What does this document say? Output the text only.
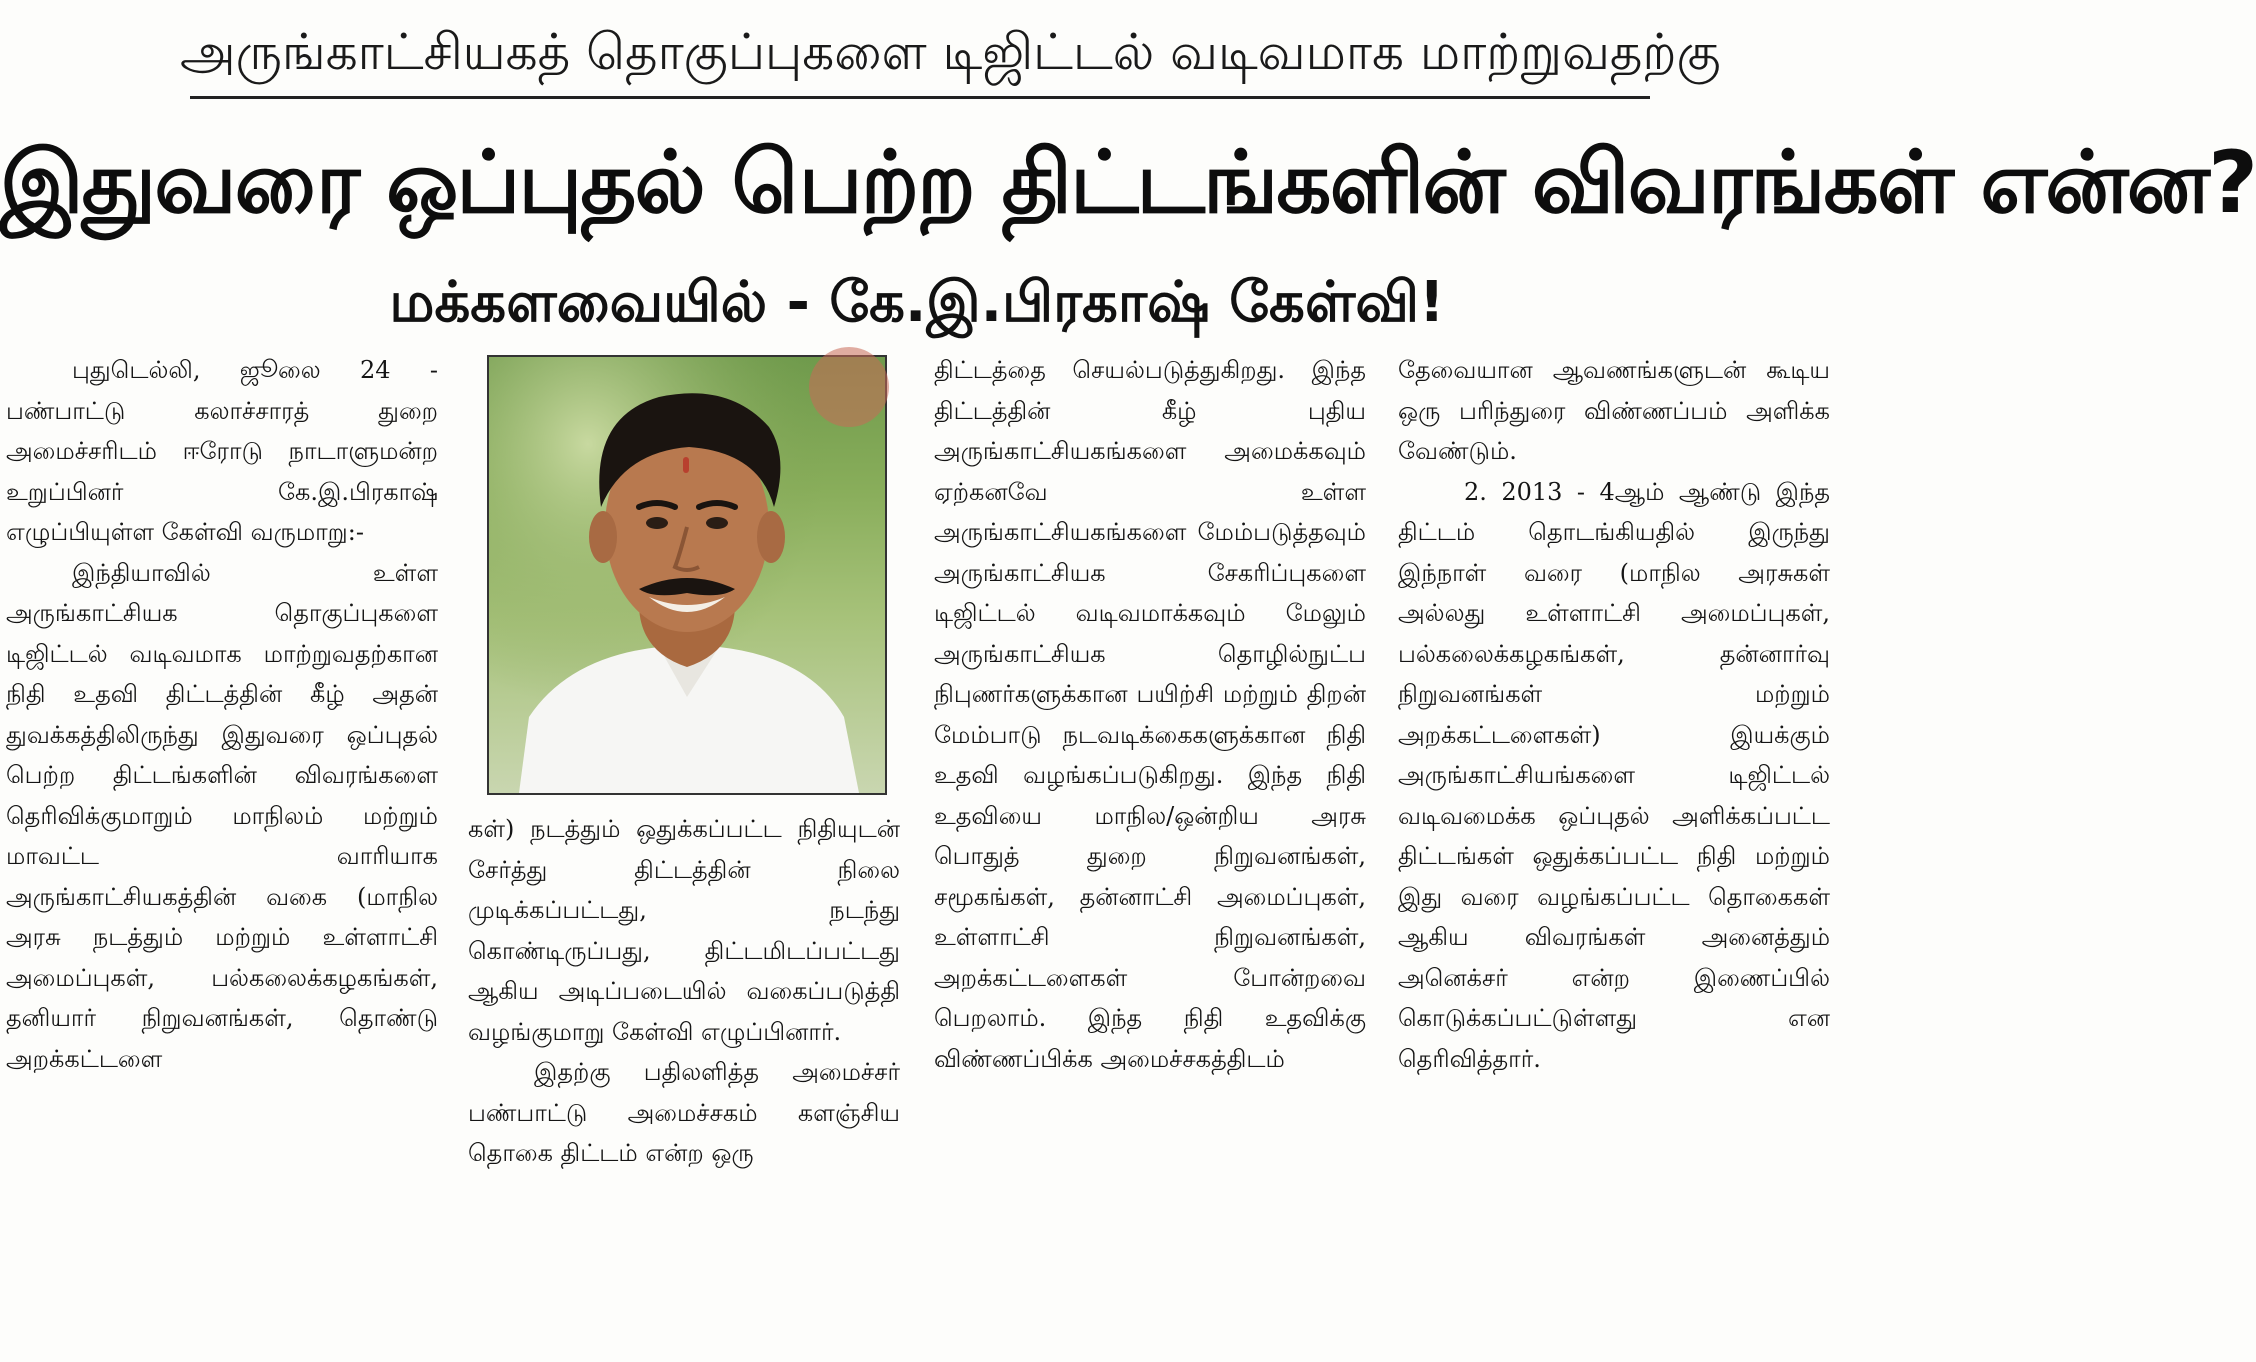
அருங்காட்சியகத் தொகுப்புகளை டிஜிட்டல் வடிவமாக மாற்றுவதற்கு
இதுவரை ஒப்புதல் பெற்ற திட்டங்களின் விவரங்கள் என்ன?
மக்களவையில் - கே.இ.பிரகாஷ் கேள்வி!

புதுடெல்லி, ஜூலை 24 - பண்பாட்டு கலாச்சாரத் துறை அமைச்சரிடம் ஈரோடு நாடாளுமன்ற உறுப்பினர் கே.இ.பிரகாஷ் எழுப்பியுள்ள கேள்வி வருமாறு:-

இந்தியாவில் உள்ள அருங்காட்சியக தொகுப்புகளை டிஜிட்டல் வடிவமாக மாற்றுவதற்கான நிதி உதவி திட்டத்தின் கீழ் அதன் துவக்கத்திலிருந்து இதுவரை ஒப்புதல் பெற்ற திட்டங்களின் விவரங்களை தெரிவிக்குமாறும் மாநிலம் மற்றும் மாவட்ட வாரியாக அருங்காட்சியகத்தின் வகை (மாநில அரசு நடத்தும் மற்றும் உள்ளாட்சி அமைப்புகள், பல்கலைக்கழகங்கள், தனியார் நிறுவனங்கள், தொண்டு அறக்கட்டளை

கள்) நடத்தும் ஒதுக்கப்பட்ட நிதியுடன் சேர்த்து திட்டத்தின் நிலை முடிக்கப்பட்டது, நடந்து கொண்டிருப்பது, திட்டமிடப்பட்டது ஆகிய அடிப்படையில் வகைப்படுத்தி வழங்குமாறு கேள்வி எழுப்பினார்.

இதற்கு பதிலளித்த அமைச்சர் பண்பாட்டு அமைச்சகம் களஞ்சிய தொகை திட்டம் என்ற ஒரு

திட்டத்தை செயல்படுத்துகிறது. இந்த திட்டத்தின் கீழ் புதிய அருங்காட்சியகங்களை அமைக்கவும் ஏற்கனவே உள்ள அருங்காட்சியகங்களை மேம்படுத்தவும் அருங்காட்சியக சேகரிப்புகளை டிஜிட்டல் வடிவமாக்கவும் மேலும் அருங்காட்சியக தொழில்நுட்ப நிபுணர்களுக்கான பயிற்சி மற்றும் திறன் மேம்பாடு நடவடிக்கைகளுக்கான நிதி உதவி வழங்கப்படுகிறது. இந்த நிதி உதவியை மாநில/ஒன்றிய அரசு பொதுத் துறை நிறுவனங்கள், சமூகங்கள், தன்னாட்சி அமைப்புகள், உள்ளாட்சி நிறுவனங்கள், அறக்கட்டளைகள் போன்றவை பெறலாம். இந்த நிதி உதவிக்கு விண்ணப்பிக்க அமைச்சகத்திடம்

தேவையான ஆவணங்களுடன் கூடிய ஒரு பரிந்துரை விண்ணப்பம் அளிக்க வேண்டும்.

2. 2013 - 4ஆம் ஆண்டு இந்த திட்டம் தொடங்கியதில் இருந்து இந்நாள் வரை (மாநில அரசுகள் அல்லது உள்ளாட்சி அமைப்புகள், பல்கலைக்கழகங்கள், தன்னார்வு நிறுவனங்கள் மற்றும் அறக்கட்டளைகள்) இயக்கும் அருங்காட்சியங்களை டிஜிட்டல் வடிவமைக்க ஒப்புதல் அளிக்கப்பட்ட திட்டங்கள் ஒதுக்கப்பட்ட நிதி மற்றும் இது வரை வழங்கப்பட்ட தொகைகள் ஆகிய விவரங்கள் அனைத்தும் அனெக்சர் என்ற இணைப்பில் கொடுக்கப்பட்டுள்ளது என தெரிவித்தார்.
